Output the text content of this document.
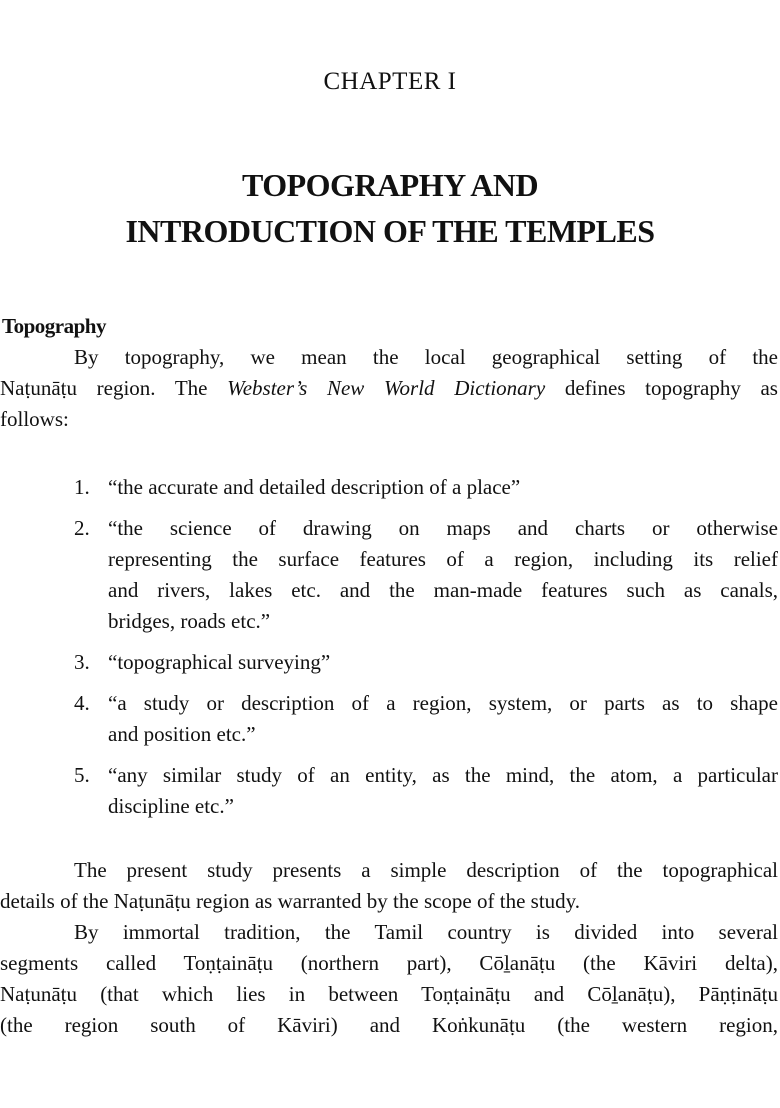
CHAPTER I
TOPOGRAPHY AND
INTRODUCTION OF THE TEMPLES
Topography
By topography, we mean the local geographical setting of the
Naṭunāṭu region. The Webster’s New World Dictionary defines topography as
follows:
1. “the accurate and detailed description of a place”
2. “the science of drawing on maps and charts or otherwise
representing the surface features of a region, including its relief
and rivers, lakes etc. and the man-made features such as canals,
bridges, roads etc.”
3. “topographical surveying”
4. “a study or description of a region, system, or parts as to shape
and position etc.”
5. “any similar study of an entity, as the mind, the atom, a particular
discipline etc.”
The present study presents a simple description of the topographical
details of the Naṭunāṭu region as warranted by the scope of the study.
By immortal tradition, the Tamil country is divided into several
segments called Toṇṭaināṭu (northern part), Cōḻanāṭu (the Kāviri delta),
Naṭunāṭu (that which lies in between Toṇṭaināṭu and Cōḻanāṭu), Pāṇṭināṭu
(the region south of Kāviri) and Koṅkunāṭu (the western region,
